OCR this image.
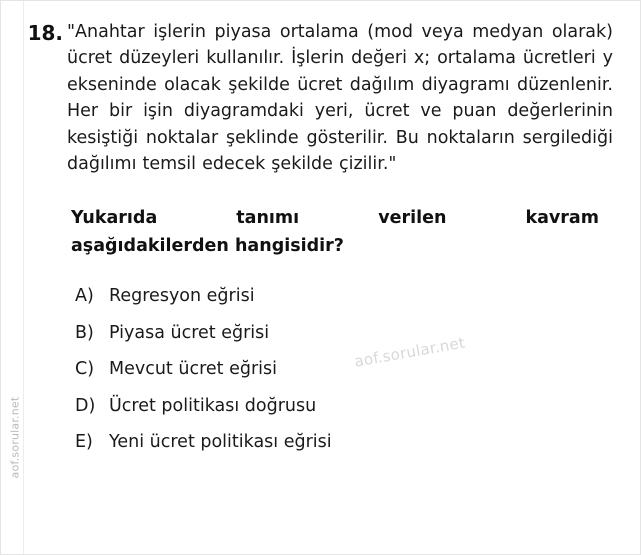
aof.sorular.net
18. "Anahtar işlerin piyasa ortalama (mod veya medyan olarak) ücret düzeyleri kullanılır. İşlerin değeri x; ortalama ücretleri y ekseninde olacak şekilde ücret dağılım diyagramı düzenlenir. Her bir işin diyagramdaki yeri, ücret ve puan değerlerinin kesiştiği noktalar şeklinde gösterilir. Bu noktaların sergilediği dağılımı temsil edecek şekilde çizilir."

Yukarıda	tanımı	verilen	kavram
aşağıdakilerden hangisidir?
A) Regresyon eğrisi
B) Piyasa ücret eğrisi
C) Mevcut ücret eğrisi
D) Ücret politikası doğrusu
E) Yeni ücret politikası eğrisi
aof.sorular.net
